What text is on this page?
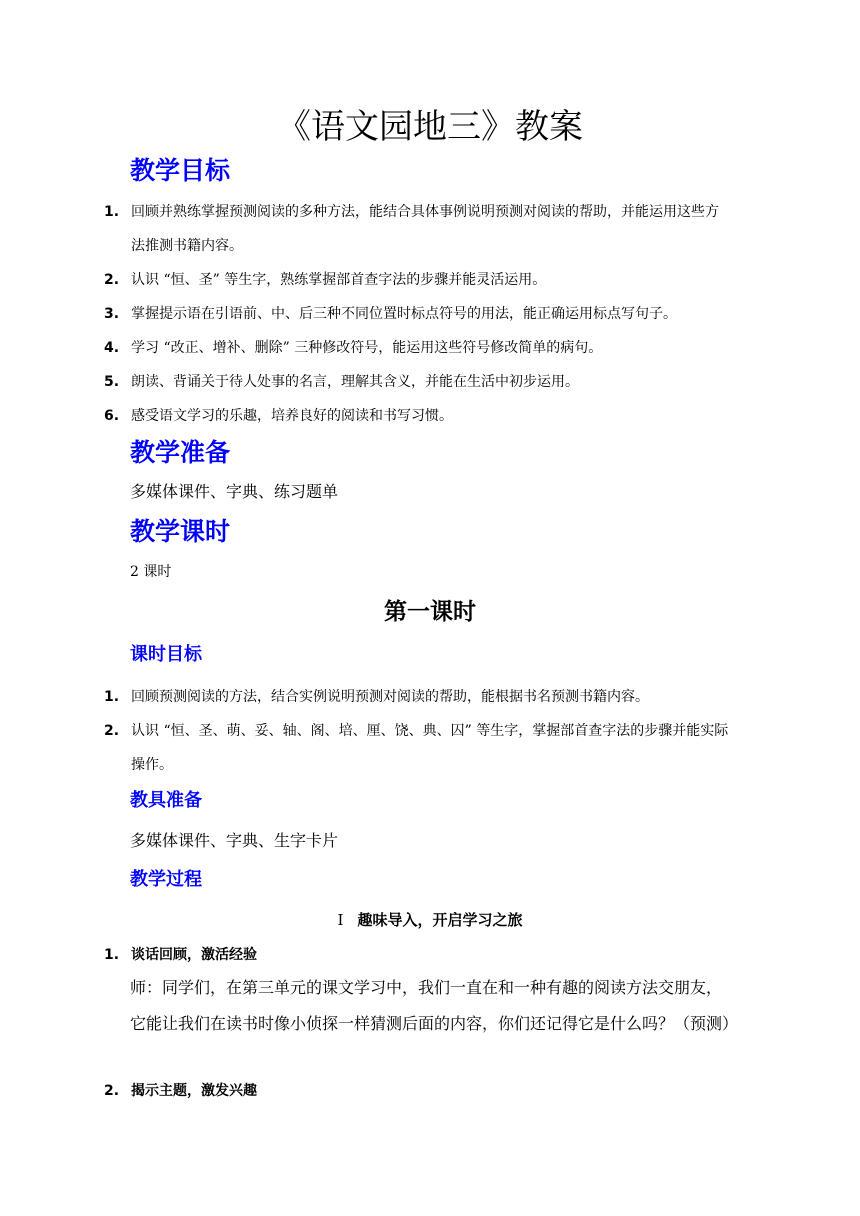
《语文园地三》教案
教学目标
1. 回顾并熟练掌握预测阅读的多种方法，能结合具体事例说明预测对阅读的帮助，并能运用这些方法推测书籍内容。
2. 认识 “恒、圣” 等生字，熟练掌握部首查字法的步骤并能灵活运用。
3. 掌握提示语在引语前、中、后三种不同位置时标点符号的用法，能正确运用标点写句子。
4. 学习 “改正、增补、删除” 三种修改符号，能运用这些符号修改简单的病句。
5. 朗读、背诵关于待人处事的名言，理解其含义，并能在生活中初步运用。
6. 感受语文学习的乐趣，培养良好的阅读和书写习惯。
教学准备

多媒体课件、字典、练习题单

教学课时

2 课时

第一课时
课时目标
1. 回顾预测阅读的方法，结合实例说明预测对阅读的帮助，能根据书名预测书籍内容。
2. 认识 “恒、圣、萌、妥、轴、阁、培、厘、饶、典、囚” 等生字，掌握部首查字法的步骤并能实际操作。
教具准备

多媒体课件、字典、生字卡片

教学过程
Ⅰ 趣味导入，开启学习之旅
1. 谈话回顾，激活经验

师：同学们，在第三单元的课文学习中，我们一直在和一种有趣的阅读方法交朋友，它能让我们在读书时像小侦探一样猜测后面的内容，你们还记得它是什么吗？（预测）

2. 揭示主题，激发兴趣
